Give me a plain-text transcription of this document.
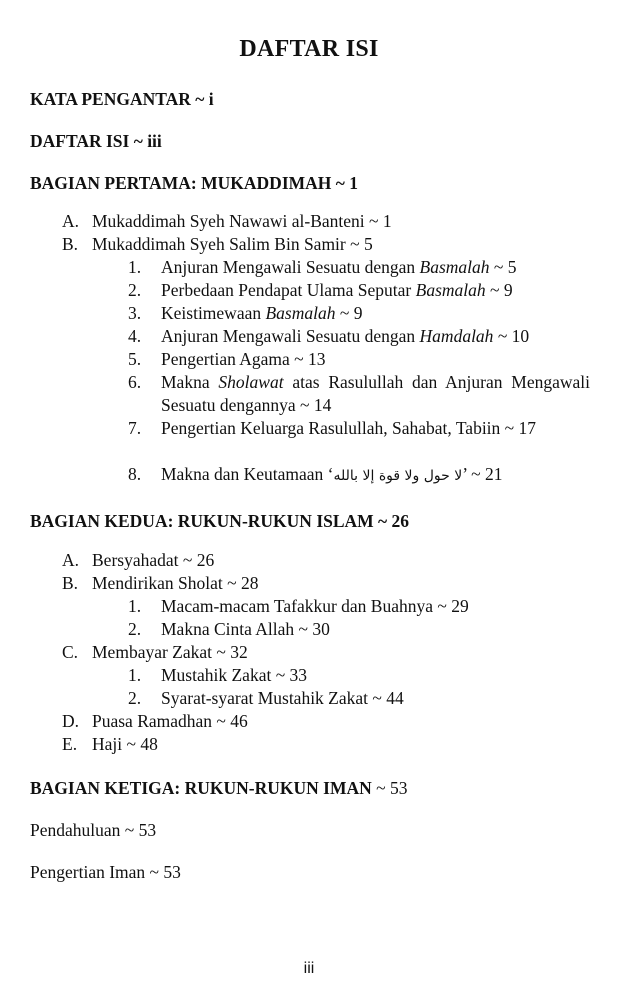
DAFTAR ISI
KATA PENGANTAR ~ i
DAFTAR ISI ~ iii
BAGIAN PERTAMA: MUKADDIMAH ~ 1
A. Mukaddimah Syeh Nawawi al-Banteni ~ 1
B. Mukaddimah Syeh Salim Bin Samir ~ 5
1.	Anjuran Mengawali Sesuatu dengan Basmalah ~ 5
2.	Perbedaan Pendapat Ulama Seputar Basmalah ~ 9
3.	Keistimewaan Basmalah ~ 9
4.	Anjuran Mengawali Sesuatu dengan Hamdalah ~ 10
5.	Pengertian Agama ~ 13
6.	Makna Sholawat atas Rasulullah dan Anjuran Mengawali Sesuatu dengannya ~ 14
7.	Pengertian Keluarga Rasulullah, Sahabat, Tabiin ~ 17
8.	Makna dan Keutamaan ‘لا حول ولا قوة إلا بالله’ ~ 21
BAGIAN KEDUA: RUKUN-RUKUN ISLAM ~ 26
A. Bersyahadat ~ 26
B. Mendirikan Sholat ~ 28
1.	Macam-macam Tafakkur dan Buahnya ~ 29
2.	Makna Cinta Allah ~ 30
C. Membayar Zakat ~ 32
1.	Mustahik Zakat ~ 33
2.	Syarat-syarat Mustahik Zakat ~ 44
D. Puasa Ramadhan ~ 46
E. Haji ~ 48
BAGIAN KETIGA: RUKUN-RUKUN IMAN ~ 53
Pendahuluan ~ 53
Pengertian Iman ~ 53
iii
